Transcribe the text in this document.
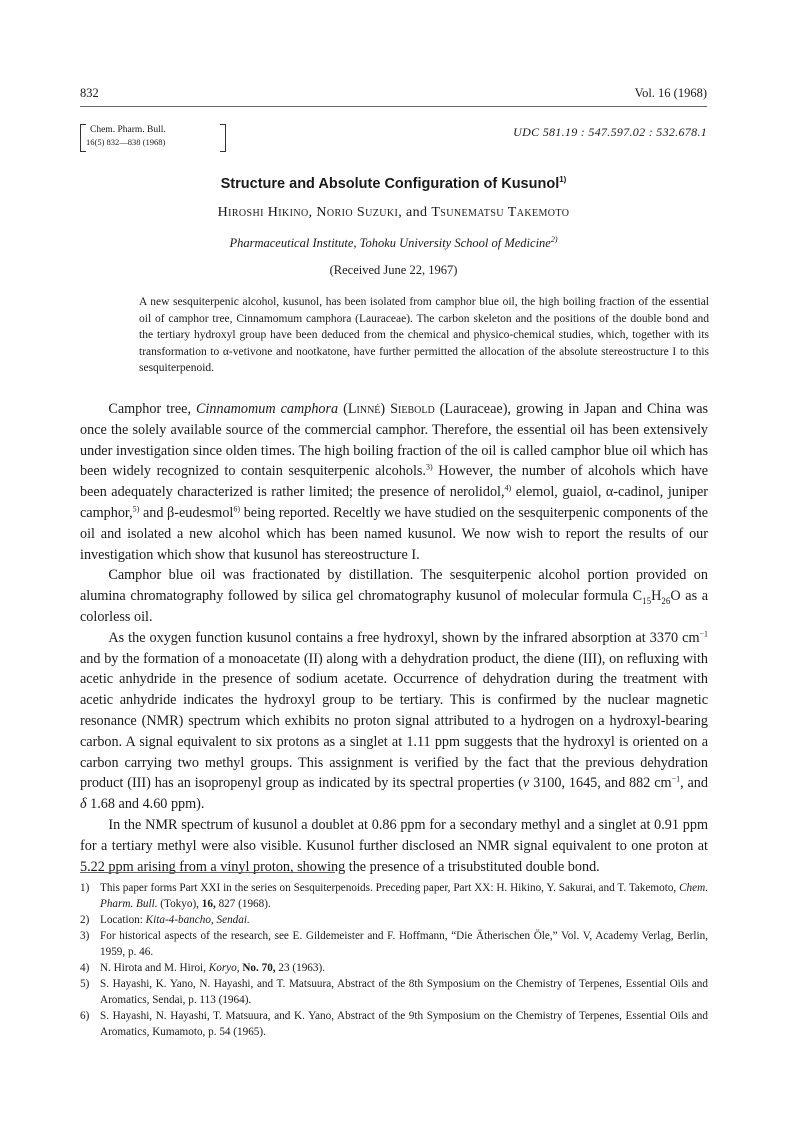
832	Vol. 16 (1968)
Chem. Pharm. Bull.
16(5) 832—838 (1968)
UDC 581.19 : 547.597.02 : 532.678.1
Structure and Absolute Configuration of Kusunol$^{1)}$
Hiroshi Hikino, Norio Suzuki, and Tsunematsu Takemoto
Pharmaceutical Institute, Tohoku University School of Medicine$^{2)}$
(Received June 22, 1967)

A new sesquiterpenic alcohol, kusunol, has been isolated from camphor blue oil, the high boiling fraction of the essential oil of camphor tree, Cinnamomum camphora (Lauraceae). The carbon skeleton and the positions of the double bond and the tertiary hydroxyl group have been deduced from the chemical and physico-chemical studies, which, together with its transformation to α-vetivone and nootkatone, have further permitted the allocation of the absolute stereostructure I to this sesquiterpenoid.

Camphor tree, Cinnamomum camphora (Linné) Siebold (Lauraceae), growing in Japan and China was once the solely available source of the commercial camphor. Therefore, the essential oil has been extensively under investigation since olden times. The high boiling fraction of the oil is called camphor blue oil which has been widely recognized to contain sesquiterpenic alcohols.$^{3)}$ However, the number of alcohols which have been adequately characterized is rather limited; the presence of nerolidol,$^{4)}$ elemol, guaiol, α-cadinol, juniper camphor,$^{5)}$ and β-eudesmol$^{6)}$ being reported. Receltly we have studied on the sesquiterpenic components of the oil and isolated a new alcohol which has been named kusunol. We now wish to report the results of our investigation which show that kusunol has stereostructure I.

Camphor blue oil was fractionated by distillation. The sesquiterpenic alcohol portion provided on alumina chromatography followed by silica gel chromatography kusunol of molecular formula $C_{15}H_{26}O$ as a colorless oil.

As the oxygen function kusunol contains a free hydroxyl, shown by the infrared absorption at 3370 $cm^{-1}$ and by the formation of a monoacetate (II) along with a dehydration product, the diene (III), on refluxing with acetic anhydride in the presence of sodium acetate. Occurrence of dehydration during the treatment with acetic anhydride indicates the hydroxyl group to be tertiary. This is confirmed by the nuclear magnetic resonance (NMR) spectrum which exhibits no proton signal attributed to a hydrogen on a hydroxyl-bearing carbon. A signal equivalent to six protons as a singlet at 1.11 ppm suggests that the hydroxyl is oriented on a carbon carrying two methyl groups. This assignment is verified by the fact that the previous dehydration product (III) has an isopropenyl group as indicated by its spectral properties (ν 3100, 1645, and 882 $cm^{-1}$, and δ 1.68 and 4.60 ppm).

In the NMR spectrum of kusunol a doublet at 0.86 ppm for a secondary methyl and a singlet at 0.91 ppm for a tertiary methyl were also visible. Kusunol further disclosed an NMR signal equivalent to one proton at 5.22 ppm arising from a vinyl proton, showing the presence of a trisubstituted double bond.

1) This paper forms Part XXI in the series on Sesquiterpenoids. Preceding paper, Part XX: H. Hikino, Y. Sakurai, and T. Takemoto, Chem. Pharm. Bull. (Tokyo), 16, 827 (1968).
2) Location: Kita-4-bancho, Sendai.
3) For historical aspects of the research, see E. Gildemeister and F. Hoffmann, “Die Ätherischen Öle,” Vol. V, Academy Verlag, Berlin, 1959, p. 46.
4) N. Hirota and M. Hiroi, Koryo, No. 70, 23 (1963).
5) S. Hayashi, K. Yano, N. Hayashi, and T. Matsuura, Abstract of the 8th Symposium on the Chemistry of Terpenes, Essential Oils and Aromatics, Sendai, p. 113 (1964).
6) S. Hayashi, N. Hayashi, T. Matsuura, and K. Yano, Abstract of the 9th Symposium on the Chemistry of Terpenes, Essential Oils and Aromatics, Kumamoto, p. 54 (1965).
